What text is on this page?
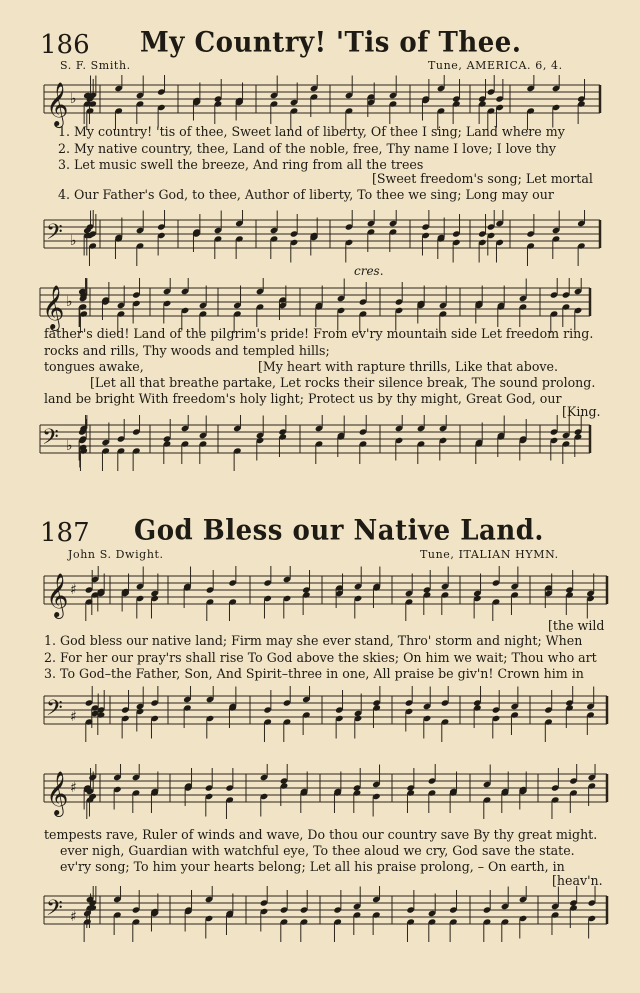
186 My Country! 'Tis of Thee.
S. F. Smith.	Tune, AMERICA. 6, 4.
𝄞 ♭
1. My country! 'tis of thee, Sweet land of liberty, Of thee I sing; Land where my
2. My native country, thee, Land of the noble, free, Thy name I love; I love thy
3. Let music swell the breeze, And ring from all the trees
[Sweet freedom's song; Let mortal
4. Our Father's God, to thee, Author of liberty, To thee we sing; Long may our
𝄢 ♭
cres.
𝄞 ♭
father's died! Land of the pilgrim's pride! From ev'ry mountain side Let freedom ring.
rocks and rills, Thy woods and templed hills;
tongues awake,	[My heart with rapture thrills, Like that above.
[Let all that breathe partake, Let rocks their silence break, The sound prolong.
land be bright With freedom's holy light; Protect us by thy might, Great God, our
[King.
𝄢 ♭
187 God Bless our Native Land.
John S. Dwight.	Tune, ITALIAN HYMN.
𝄞 ♯
[the wild
1. God bless our native land; Firm may she ever stand, Thro' storm and night; When
2. For her our pray'rs shall rise To God above the skies; On him we wait; Thou who art
3. To God–the Father, Son, And Spirit–three in one, All praise be giv'n! Crown him in
𝄢 ♯
𝄞 ♯
tempests rave, Ruler of winds and wave, Do thou our country save By thy great might.
ever nigh, Guardian with watchful eye, To thee aloud we cry, God save the state.
ev'ry song; To him your hearts belong; Let all his praise prolong, – On earth, in
[heav'n.
𝄢 ♯
